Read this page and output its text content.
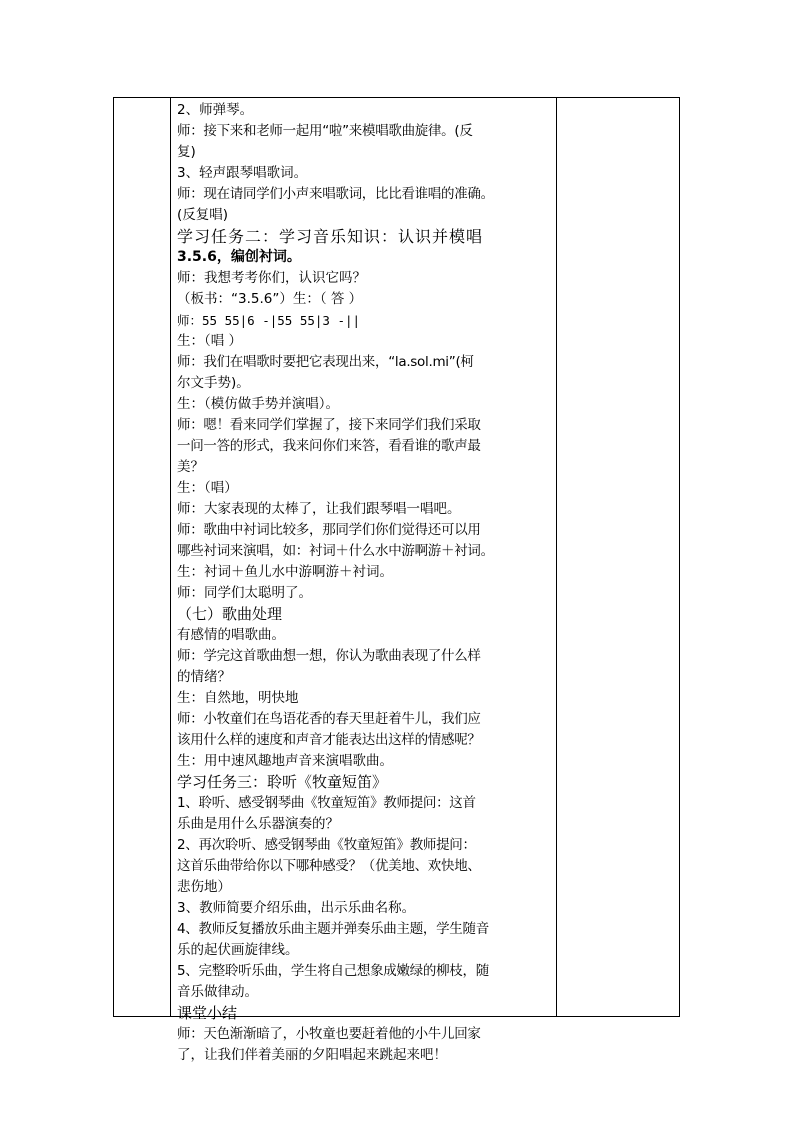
2、师弹琴。
师：接下来和老师一起用“啦”来模唱歌曲旋律。(反
复)
3、轻声跟琴唱歌词。
师：现在请同学们小声来唱歌词，比比看谁唱的准确。
(反复唱)
学习任务二：学习音乐知识：认识并模唱
3.5.6，编创衬词。
师：我想考考你们，认识它吗？
（板书：“3.5.6”）生：（ 答 ）
师：55 55|6 -|55 55|3 -||
生：（唱 ）
师：我们在唱歌时要把它表现出来，“la.sol.mi”(柯
尔文手势)。
生：（模仿做手势并演唱）。
师：嗯！看来同学们掌握了，接下来同学们我们采取
一问一答的形式，我来问你们来答，看看谁的歌声最
美？
生：（唱）
师：大家表现的太棒了，让我们跟琴唱一唱吧。
师：歌曲中衬词比较多，那同学们你们觉得还可以用
哪些衬词来演唱，如：衬词＋什么水中游啊游＋衬词。
生：衬词＋鱼儿水中游啊游＋衬词。
师：同学们太聪明了。
（七）歌曲处理
有感情的唱歌曲。
师：学完这首歌曲想一想，你认为歌曲表现了什么样
的情绪？
生：自然地，明快地
师：小牧童们在鸟语花香的春天里赶着牛儿，我们应
该用什么样的速度和声音才能表达出这样的情感呢？
生：用中速风趣地声音来演唱歌曲。
学习任务三：聆听《牧童短笛》
1、聆听、感受钢琴曲《牧童短笛》教师提问：这首
乐曲是用什么乐器演奏的？
2、再次聆听、感受钢琴曲《牧童短笛》教师提问：
这首乐曲带给你以下哪种感受？（优美地、欢快地、
悲伤地）
3、教师简要介绍乐曲，出示乐曲名称。
4、教师反复播放乐曲主题并弹奏乐曲主题，学生随音
乐的起伏画旋律线。
5、完整聆听乐曲，学生将自己想象成嫩绿的柳枝，随
音乐做律动。
课堂小结
师：天色渐渐暗了，小牧童也要赶着他的小牛儿回家
了，让我们伴着美丽的夕阳唱起来跳起来吧！
